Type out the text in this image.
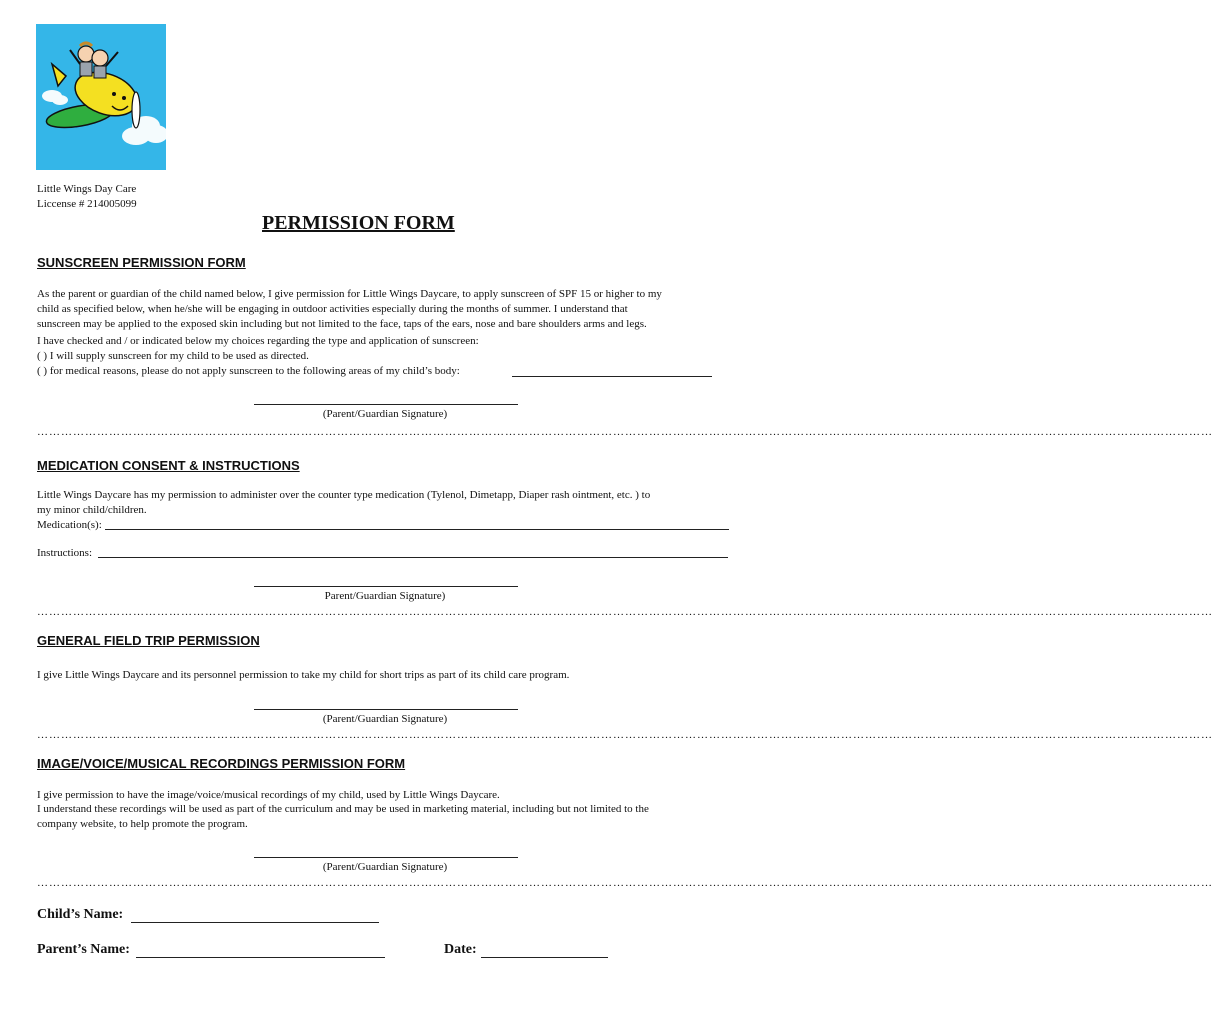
Little Wings Day Care
Liccense # 214005099
PERMISSION FORM
SUNSCREEN PERMISSION FORM
As the parent or guardian of the child named below, I give permission for Little Wings Daycare, to apply sunscreen of SPF 15 or higher to my
child as specified below, when he/she will be engaging in outdoor activities especially during the months of summer. I understand that
sunscreen may be applied to the exposed skin including but not limited to the face, taps of the ears, nose and bare shoulders arms and legs.
I have checked and / or indicated below my choices regarding the type and application of sunscreen:
( ) I will supply sunscreen for my child to be used as directed.
( ) for medical reasons, please do not apply sunscreen to the following areas of my child’s body:
(Parent/Guardian Signature)
……………………………………………………………………………………………………………………………………………………………………………………………………………………………………………………………………
MEDICATION CONSENT & INSTRUCTIONS
Little Wings Daycare has my permission to administer over the counter type medication (Tylenol, Dimetapp, Diaper rash ointment, etc. ) to
my minor child/children.
Medication(s):
Instructions:
Parent/Guardian Signature)
……………………………………………………………………………………………………………………………………………………………………………………………………………………………………………………………………
GENERAL FIELD TRIP PERMISSION
I give Little Wings Daycare and its personnel permission to take my child for short trips as part of its child care program.
(Parent/Guardian Signature)
……………………………………………………………………………………………………………………………………………………………………………………………………………………………………………………………………
IMAGE/VOICE/MUSICAL RECORDINGS PERMISSION FORM
I give permission to have the image/voice/musical recordings of my child, used by Little Wings Daycare.
I understand these recordings will be used as part of the curriculum and may be used in marketing material, including but not limited to the
company website, to help promote the program.
(Parent/Guardian Signature)
……………………………………………………………………………………………………………………………………………………………………………………………………………………………………………………………………
Child’s Name:
Parent’s Name:	Date:
